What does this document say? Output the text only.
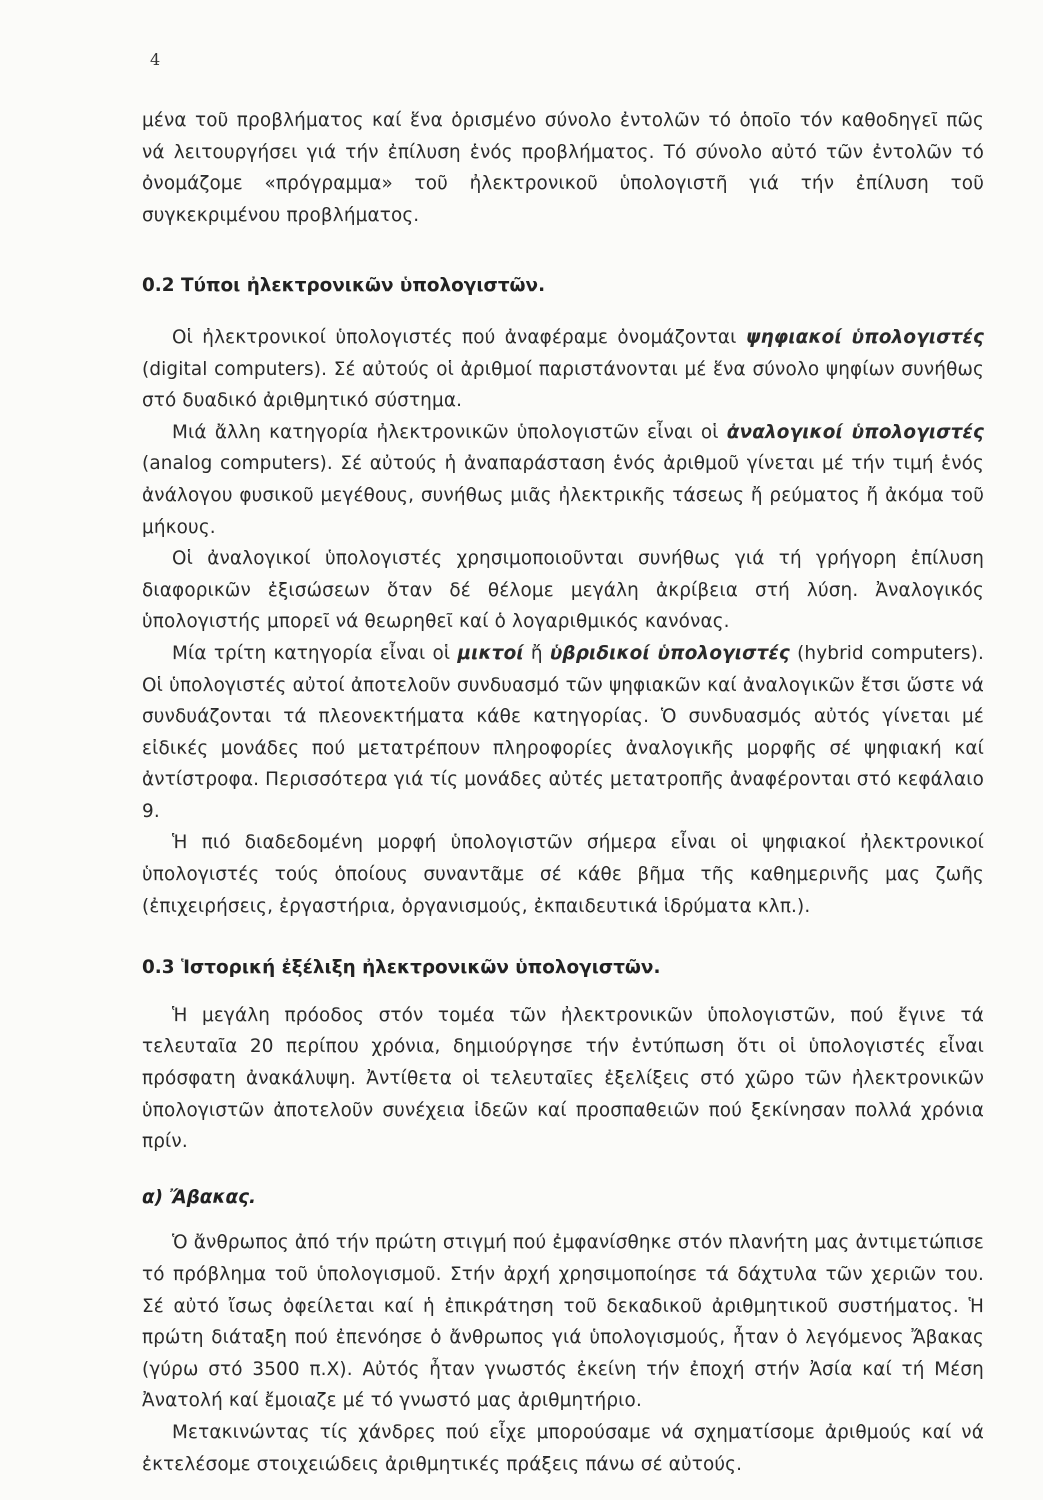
4

μένα τοῦ προβλήματος καί ἕνα ὁρισμένο σύνολο ἐντολῶν τό ὁποῖο τόν καθοδηγεῖ πῶς νά λειτουργήσει γιά τήν ἐπίλυση ἑνός προβλήματος. Τό σύνολο αὐτό τῶν ἐντολῶν τό ὀνομάζομε «πρόγραμμα» τοῦ ἠλεκτρονικοῦ ὑπολογιστῆ γιά τήν ἐπίλυση τοῦ συγκεκριμένου προβλήματος.

0.2 Τύποι ἠλεκτρονικῶν ὑπολογιστῶν.

Οἱ ἠλεκτρονικοί ὑπολογιστές πού ἀναφέραμε ὀνομάζονται ψηφιακοί ὑπολογιστές (digital computers). Σέ αὐτούς οἱ ἀριθμοί παριστάνονται μέ ἕνα σύνολο ψηφίων συνήθως στό δυαδικό ἀριθμητικό σύστημα.

Μιά ἄλλη κατηγορία ἠλεκτρονικῶν ὑπολογιστῶν εἶναι οἱ ἀναλογικοί ὑπολογιστές (analog computers). Σέ αὐτούς ἡ ἀναπαράσταση ἑνός ἀριθμοῦ γίνεται μέ τήν τιμή ἑνός ἀνάλογου φυσικοῦ μεγέθους, συνήθως μιᾶς ἠλεκτρικῆς τάσεως ἤ ρεύματος ἤ ἀκόμα τοῦ μήκους.

Οἱ ἀναλογικοί ὑπολογιστές χρησιμοποιοῦνται συνήθως γιά τή γρήγορη ἐπίλυση διαφορικῶν ἐξισώσεων ὅταν δέ θέλομε μεγάλη ἀκρίβεια στή λύση. Ἀναλογικός ὑπολογιστής μπορεῖ νά θεωρηθεῖ καί ὁ λογαριθμικός κανόνας.

Μία τρίτη κατηγορία εἶναι οἱ μικτοί ἤ ὑβριδικοί ὑπολογιστές (hybrid computers). Οἱ ὑπολογιστές αὐτοί ἀποτελοῦν συνδυασμό τῶν ψηφιακῶν καί ἀναλογικῶν ἔτσι ὥστε νά συνδυάζονται τά πλεονεκτήματα κάθε κατηγορίας. Ὁ συνδυασμός αὐτός γίνεται μέ εἰδικές μονάδες πού μετατρέπουν πληροφορίες ἀναλογικῆς μορφῆς σέ ψηφιακή καί ἀντίστροφα. Περισσότερα γιά τίς μονάδες αὐτές μετατροπῆς ἀναφέρονται στό κεφάλαιο 9.

Ἡ πιό διαδεδομένη μορφή ὑπολογιστῶν σήμερα εἶναι οἱ ψηφιακοί ἠλεκτρονικοί ὑπολογιστές τούς ὁποίους συναντᾶμε σέ κάθε βῆμα τῆς καθημερινῆς μας ζωῆς (ἐπιχειρήσεις, ἐργαστήρια, ὀργανισμούς, ἐκπαιδευτικά ἱδρύματα κλπ.).

0.3 Ἱστορική ἐξέλιξη ἠλεκτρονικῶν ὑπολογιστῶν.

Ἡ μεγάλη πρόοδος στόν τομέα τῶν ἠλεκτρονικῶν ὑπολογιστῶν, πού ἔγινε τά τελευταῖα 20 περίπου χρόνια, δημιούργησε τήν ἐντύπωση ὅτι οἱ ὑπολογιστές εἶναι πρόσφατη ἀνακάλυψη. Ἀντίθετα οἱ τελευταῖες ἐξελίξεις στό χῶρο τῶν ἠλεκτρονικῶν ὑπολογιστῶν ἀποτελοῦν συνέχεια ἰδεῶν καί προσπαθειῶν πού ξεκίνησαν πολλά χρόνια πρίν.

α) Ἄβακας.

Ὁ ἄνθρωπος ἀπό τήν πρώτη στιγμή πού ἐμφανίσθηκε στόν πλανήτη μας ἀντιμετώπισε τό πρόβλημα τοῦ ὑπολογισμοῦ. Στήν ἀρχή χρησιμοποίησε τά δάχτυλα τῶν χεριῶν του. Σέ αὐτό ἴσως ὀφείλεται καί ἡ ἐπικράτηση τοῦ δεκαδικοῦ ἀριθμητικοῦ συστήματος. Ἡ πρώτη διάταξη πού ἐπενόησε ὁ ἄνθρωπος γιά ὑπολογισμούς, ἦταν ὁ λεγόμενος Ἄβακας (γύρω στό 3500 π.Χ). Αὐτός ἦταν γνωστός ἐκείνη τήν ἐποχή στήν Ἀσία καί τή Μέση Ἀνατολή καί ἔμοιαζε μέ τό γνωστό μας ἀριθμητήριο.

Μετακινώντας τίς χάνδρες πού εἶχε μπορούσαμε νά σχηματίσομε ἀριθμούς καί νά ἐκτελέσομε στοιχειώδεις ἀριθμητικές πράξεις πάνω σέ αὐτούς.
